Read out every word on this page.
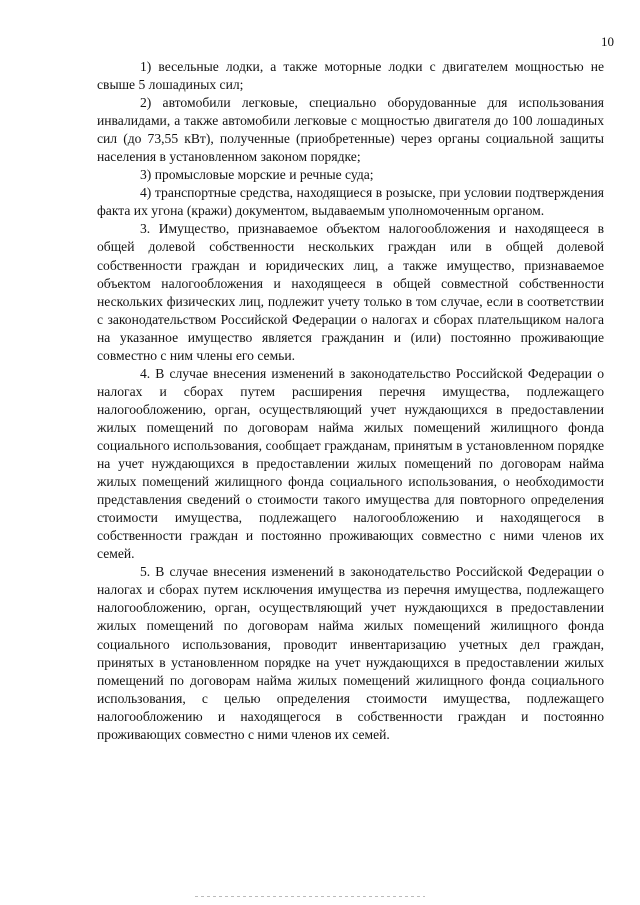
10

1) весельные лодки, а также моторные лодки с двигателем мощностью не свыше 5 лошадиных сил;

2) автомобили легковые, специально оборудованные для использования инвалидами, а также автомобили легковые с мощностью двигателя до 100 лошадиных сил (до 73,55 кВт), полученные (приобретенные) через органы социальной защиты населения в установленном законом порядке;

3) промысловые морские и речные суда;

4) транспортные средства, находящиеся в розыске, при условии подтверждения факта их угона (кражи) документом, выдаваемым уполномоченным органом.

3. Имущество, признаваемое объектом налогообложения и находящееся в общей долевой собственности нескольких граждан или в общей долевой собственности граждан и юридических лиц, а также имущество, признаваемое объектом налогообложения и находящееся в общей совместной собственности нескольких физических лиц, подлежит учету только в том случае, если в соответствии с законодательством Российской Федерации о налогах и сборах плательщиком налога на указанное имущество является гражданин и (или) постоянно проживающие совместно с ним члены его семьи.

4. В случае внесения изменений в законодательство Российской Федерации о налогах и сборах путем расширения перечня имущества, подлежащего налогообложению, орган, осуществляющий учет нуждающихся в предоставлении жилых помещений по договорам найма жилых помещений жилищного фонда социального использования, сообщает гражданам, принятым в установленном порядке на учет нуждающихся в предоставлении жилых помещений по договорам найма жилых помещений жилищного фонда социального использования, о необходимости представления сведений о стоимости такого имущества для повторного определения стоимости имущества, подлежащего налогообложению и находящегося в собственности граждан и постоянно проживающих совместно с ними членов их семей.

5. В случае внесения изменений в законодательство Российской Федерации о налогах и сборах путем исключения имущества из перечня имущества, подлежащего налогообложению, орган, осуществляющий учет нуждающихся в предоставлении жилых помещений по договорам найма жилых помещений жилищного фонда социального использования, проводит инвентаризацию учетных дел граждан, принятых в установленном порядке на учет нуждающихся в предоставлении жилых помещений по договорам найма жилых помещений жилищного фонда социального использования, с целью определения стоимости имущества, подлежащего налогообложению и находящегося в собственности граждан и постоянно проживающих совместно с ними членов их семей.
